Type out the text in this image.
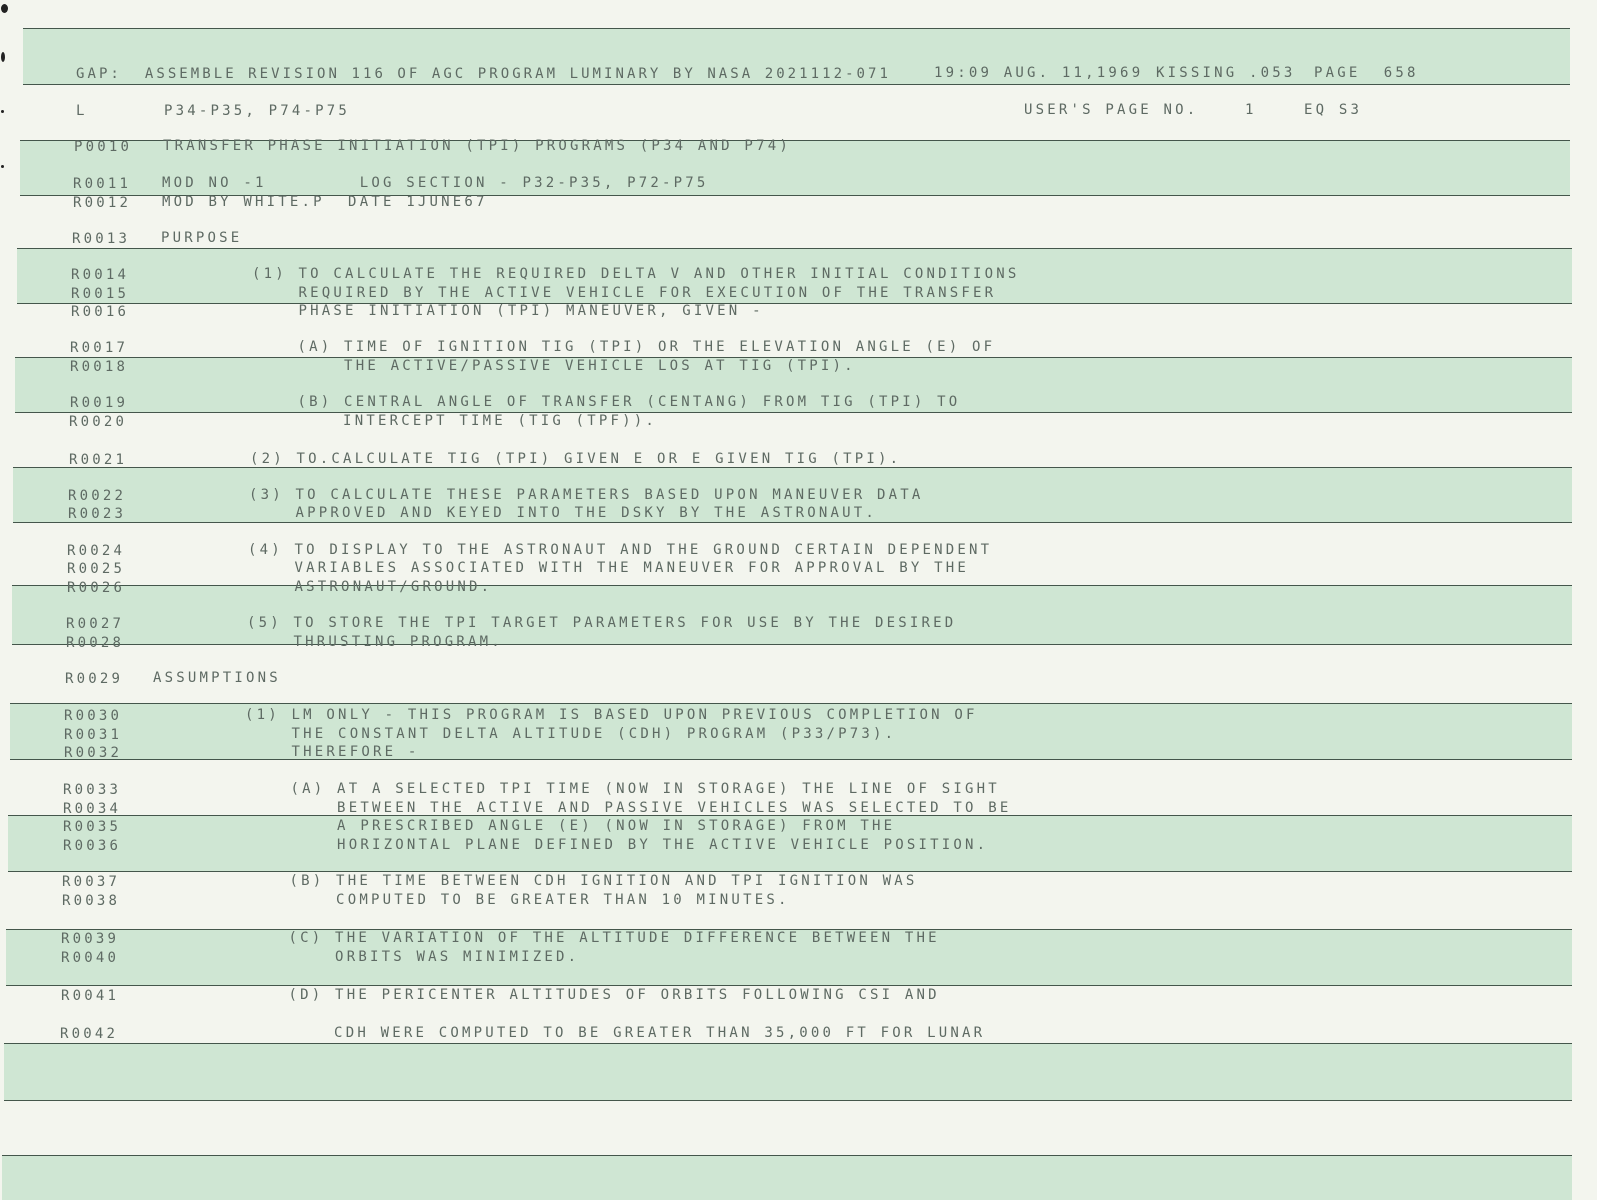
GAP:  ASSEMBLE REVISION 116 OF AGC PROGRAM LUMINARY BY NASA 2021112-071	19:09 AUG. 11,1969 KISSING .053 PAGE  658
L	P34-P35, P74-P75	USER'S PAGE NO.    1	EQ S3
P0010 TRANSFER PHASE INITIATION (TPI) PROGRAMS (P34 AND P74)
R0011 MOD NO -1        LOG SECTION - P32-P35, P72-P75
R0012 MOD BY WHITE.P  DATE 1JUNE67
R0013 PURPOSE
R0014 (1) TO CALCULATE THE REQUIRED DELTA V AND OTHER INITIAL CONDITIONS
R0015 REQUIRED BY THE ACTIVE VEHICLE FOR EXECUTION OF THE TRANSFER
R0016 PHASE INITIATION (TPI) MANEUVER, GIVEN -
R0017 (A) TIME OF IGNITION TIG (TPI) OR THE ELEVATION ANGLE (E) OF
R0018 THE ACTIVE/PASSIVE VEHICLE LOS AT TIG (TPI).
R0019 (B) CENTRAL ANGLE OF TRANSFER (CENTANG) FROM TIG (TPI) TO
R0020 INTERCEPT TIME (TIG (TPF)).
R0021 (2) TO.CALCULATE TIG (TPI) GIVEN E OR E GIVEN TIG (TPI).
R0022 (3) TO CALCULATE THESE PARAMETERS BASED UPON MANEUVER DATA
R0023 APPROVED AND KEYED INTO THE DSKY BY THE ASTRONAUT.
R0024 (4) TO DISPLAY TO THE ASTRONAUT AND THE GROUND CERTAIN DEPENDENT
R0025 VARIABLES ASSOCIATED WITH THE MANEUVER FOR APPROVAL BY THE
R0026 ASTRONAUT/GROUND.
R0027 (5) TO STORE THE TPI TARGET PARAMETERS FOR USE BY THE DESIRED
R0028 THRUSTING PROGRAM.
R0029 ASSUMPTIONS
R0030 (1) LM ONLY - THIS PROGRAM IS BASED UPON PREVIOUS COMPLETION OF
R0031 THE CONSTANT DELTA ALTITUDE (CDH) PROGRAM (P33/P73).
R0032 THEREFORE -
R0033 (A) AT A SELECTED TPI TIME (NOW IN STORAGE) THE LINE OF SIGHT
R0034 BETWEEN THE ACTIVE AND PASSIVE VEHICLES WAS SELECTED TO BE
R0035 A PRESCRIBED ANGLE (E) (NOW IN STORAGE) FROM THE
R0036 HORIZONTAL PLANE DEFINED BY THE ACTIVE VEHICLE POSITION.
R0037 (B) THE TIME BETWEEN CDH IGNITION AND TPI IGNITION WAS
R0038 COMPUTED TO BE GREATER THAN 10 MINUTES.
R0039 (C) THE VARIATION OF THE ALTITUDE DIFFERENCE BETWEEN THE
R0040 ORBITS WAS MINIMIZED.
R0041 (D) THE PERICENTER ALTITUDES OF ORBITS FOLLOWING CSI AND
R0042 CDH WERE COMPUTED TO BE GREATER THAN 35,000 FT FOR LUNAR
